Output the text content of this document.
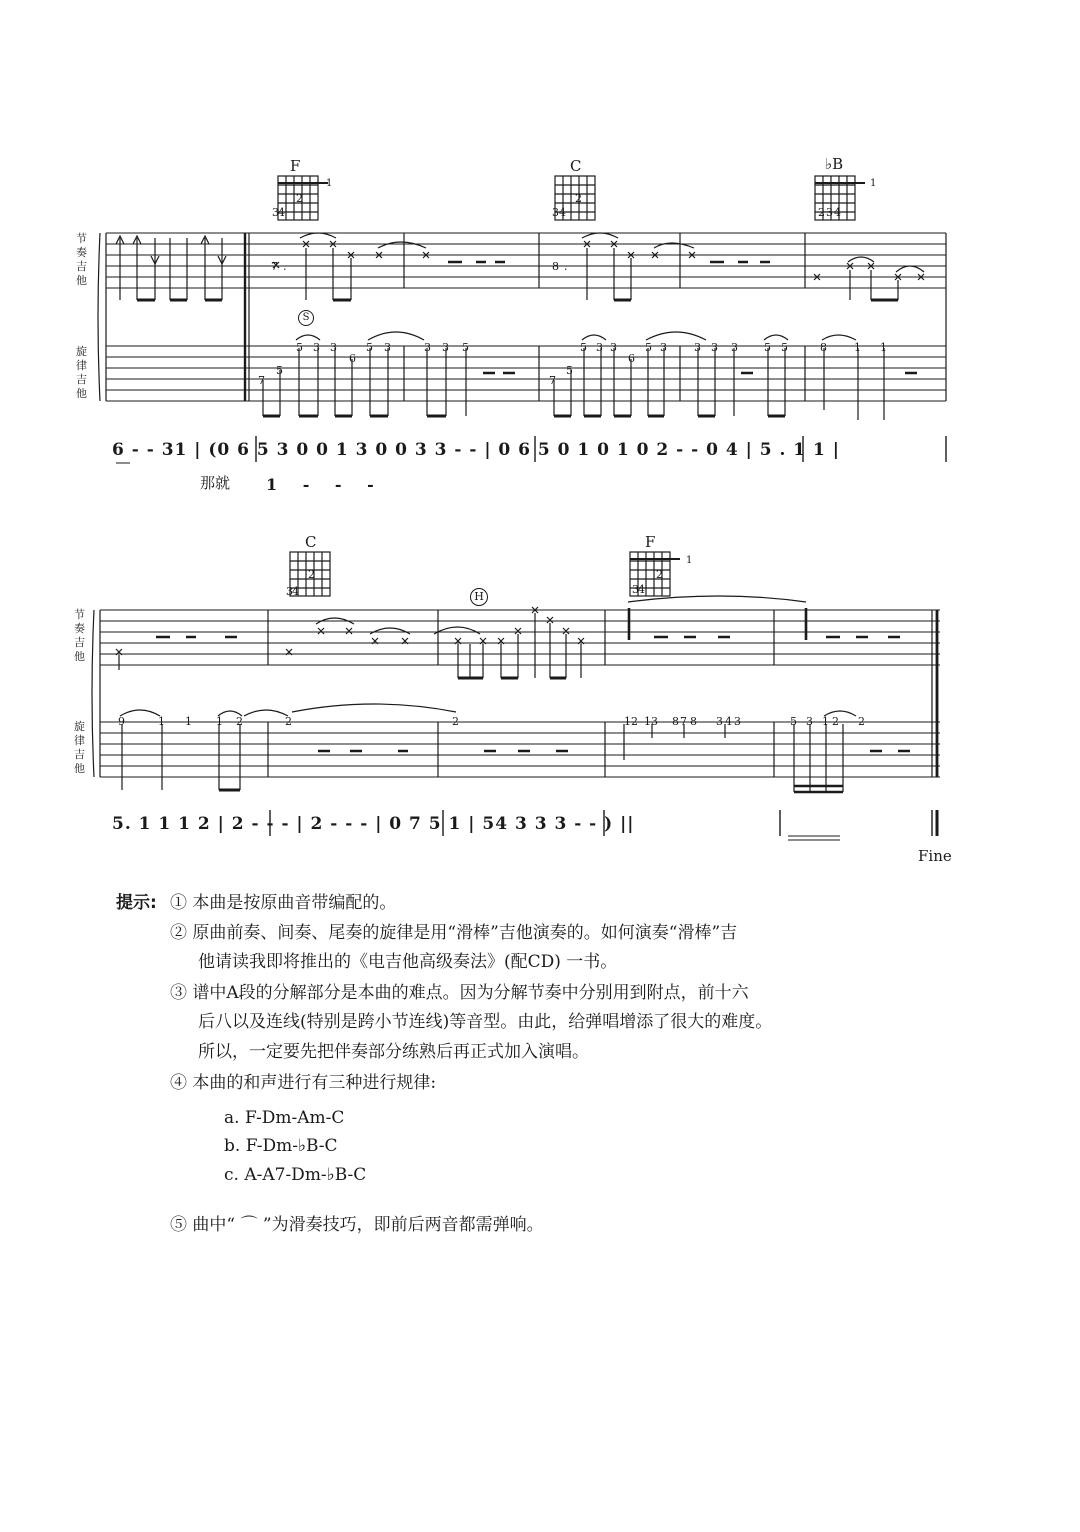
7
5
5 3 3
6
5 3	3 3 5
7
5
5 3 3
6
5 3 3 3 3 5 5	8 1 1
9	1 1 1 2	2	2	12 13 8 7 8 3 4 3	5 3 1 2 2
3 4
2
3 4
2
2 3 4
3 4
2
3 4
2
1	1
1
7 .	8 .
F	C	♭B
C	F
节
奏
吉
他
旋
律
吉
他
节
奏
吉
他
旋
律
吉
他
H
S
6 - - 31 | (0 6 5 3 0 0 1 3 0 0 3 3 - - | 0 6 5 0 1 0 1 0 2 - - 0 4 | 5 . 1 1 |
那就 1 - - -
5. 1 1 1 2 | 2 - - - | 2 - - - | 0 7 5 1 | 54 3 3 3 - - ) ||
Fine
提示: ① 本曲是按原曲音带编配的。
② 原曲前奏、间奏、尾奏的旋律是用“滑棒”吉他演奏的。如何演奏“滑棒”吉
他请读我即将推出的《电吉他高级奏法》(配CD) 一书。
③ 谱中A段的分解部分是本曲的难点。因为分解节奏中分别用到附点，前十六
后八以及连线(特别是跨小节连线)等音型。由此，给弹唱增添了很大的难度。
所以，一定要先把伴奏部分练熟后再正式加入演唱。
④ 本曲的和声进行有三种进行规律:
a. F-Dm-Am-C
b. F-Dm-♭B-C
c. A-A7-Dm-♭B-C
⑤ 曲中“ ⌒ ”为滑奏技巧，即前后两音都需弹响。
